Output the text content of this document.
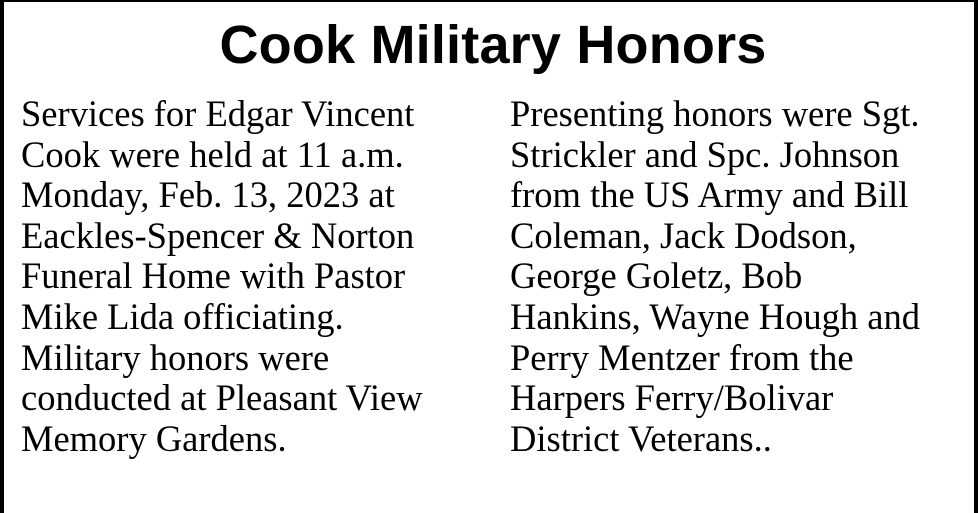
Cook Military Honors
Services for Edgar Vincent
Cook were held at 11 a.m.
Monday, Feb. 13, 2023 at
Eackles-Spencer & Norton
Funeral Home with Pastor
Mike Lida officiating.
Military honors were
conducted at Pleasant View
Memory Gardens.
Presenting honors were Sgt.
Strickler and Spc. Johnson
from the US Army and Bill
Coleman, Jack Dodson,
George Goletz, Bob
Hankins, Wayne Hough and
Perry Mentzer from the
Harpers Ferry/Bolivar
District Veterans..
